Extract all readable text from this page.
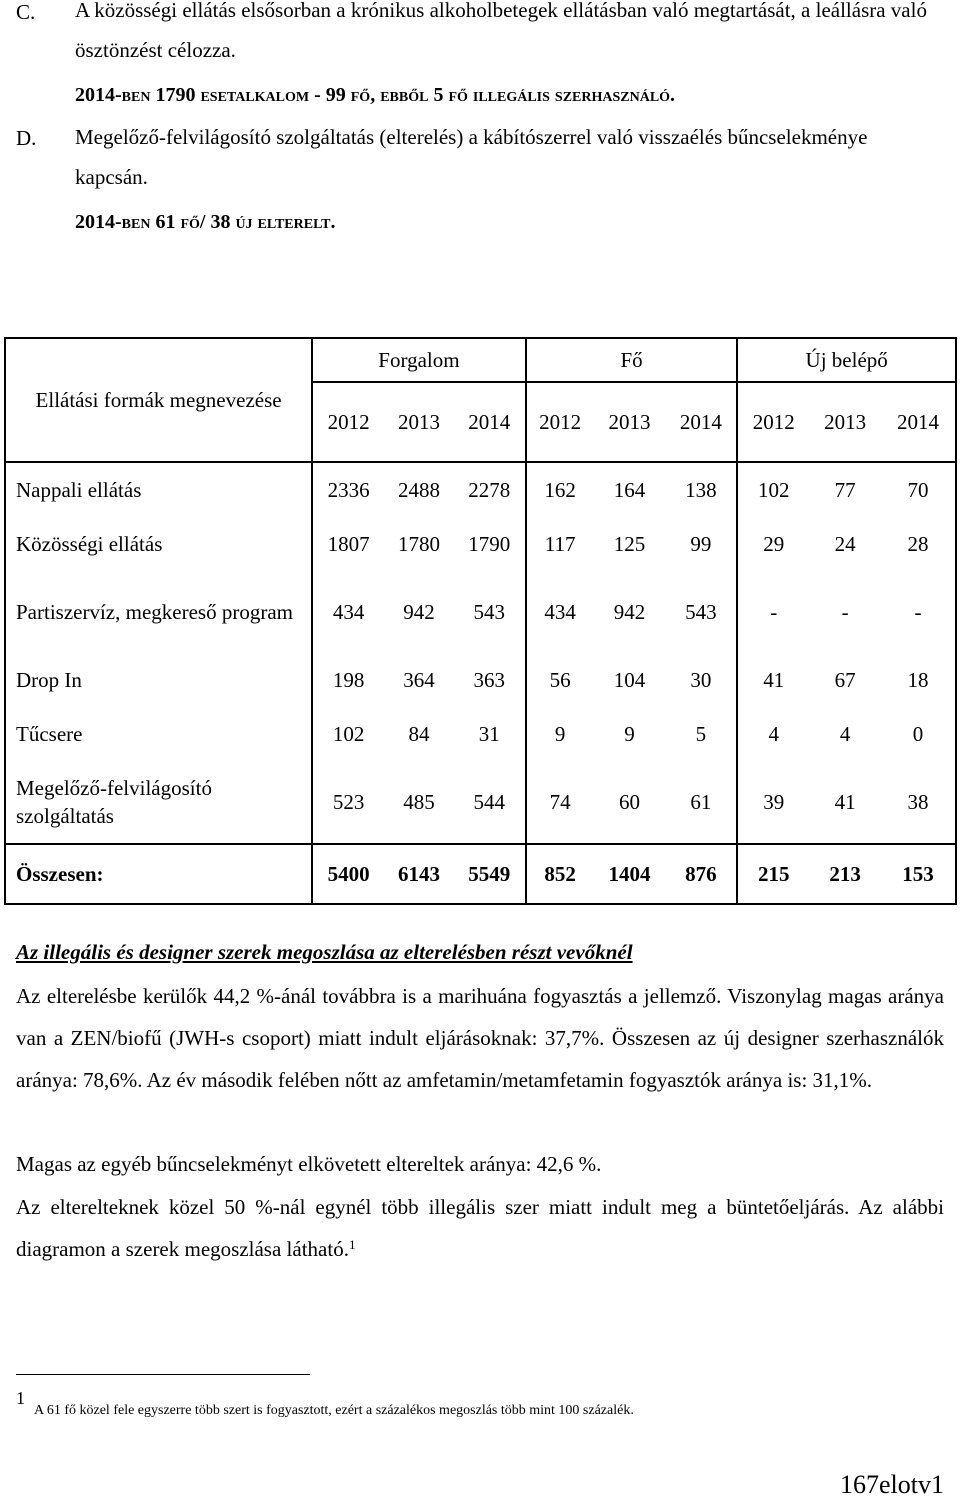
C. A közösségi ellátás elsősorban a krónikus alkoholbetegek ellátásban való megtartását, a leállásra való ösztönzést célozza.
2014-ben 1790 esetalkalom - 99 fő, ebből 5 fő illegális szerhasználó.
D. Megelőző-felvilágosító szolgáltatás (elterelés) a kábítószerrel való visszaélés bűncselekménye kapcsán.
2014-ben 61 fő/ 38 új elterelt.
Ellátási formák megnevezése	Forgalom			Fő			Új belépő		
	2012	2013	2014	2012	2013	2014	2012	2013	2014
Nappali ellátás	2336	2488	2278	162	164	138	102	77	70
Közösségi ellátás	1807	1780	1790	117	125	99	29	24	28
Partiszervíz, megkereső program	434	942	543	434	942	543	-	-	-
Drop In	198	364	363	56	104	30	41	67	18
Tűcsere	102	84	31	9	9	5	4	4	0
Megelőző-felvilágosító szolgáltatás	523	485	544	74	60	61	39	41	38
Összesen:	5400	6143	5549	852	1404	876	215	213	153
Az illegális és designer szerek megoszlása az elterelésben részt vevőknél
Az elterelésbe kerülők 44,2 %-ánál továbbra is a marihuána fogyasztás a jellemző. Viszonylag magas aránya van a ZEN/biofű (JWH-s csoport) miatt indult eljárásoknak: 37,7%. Összesen az új designer szerhasználók aránya: 78,6%. Az év második felében nőtt az amfetamin/metamfetamin fogyasztók aránya is: 31,1%.
Magas az egyéb bűncselekményt elkövetett eltereltek aránya: 42,6 %.
Az elterelteknek közel 50 %-nál egynél több illegális szer miatt indult meg a büntetőeljárás. Az alábbi diagramon a szerek megoszlása látható.$^1$
1
A 61 fő közel fele egyszerre több szert is fogyasztott, ezért a százalékos megoszlás több mint 100 százalék.
167elotv1
